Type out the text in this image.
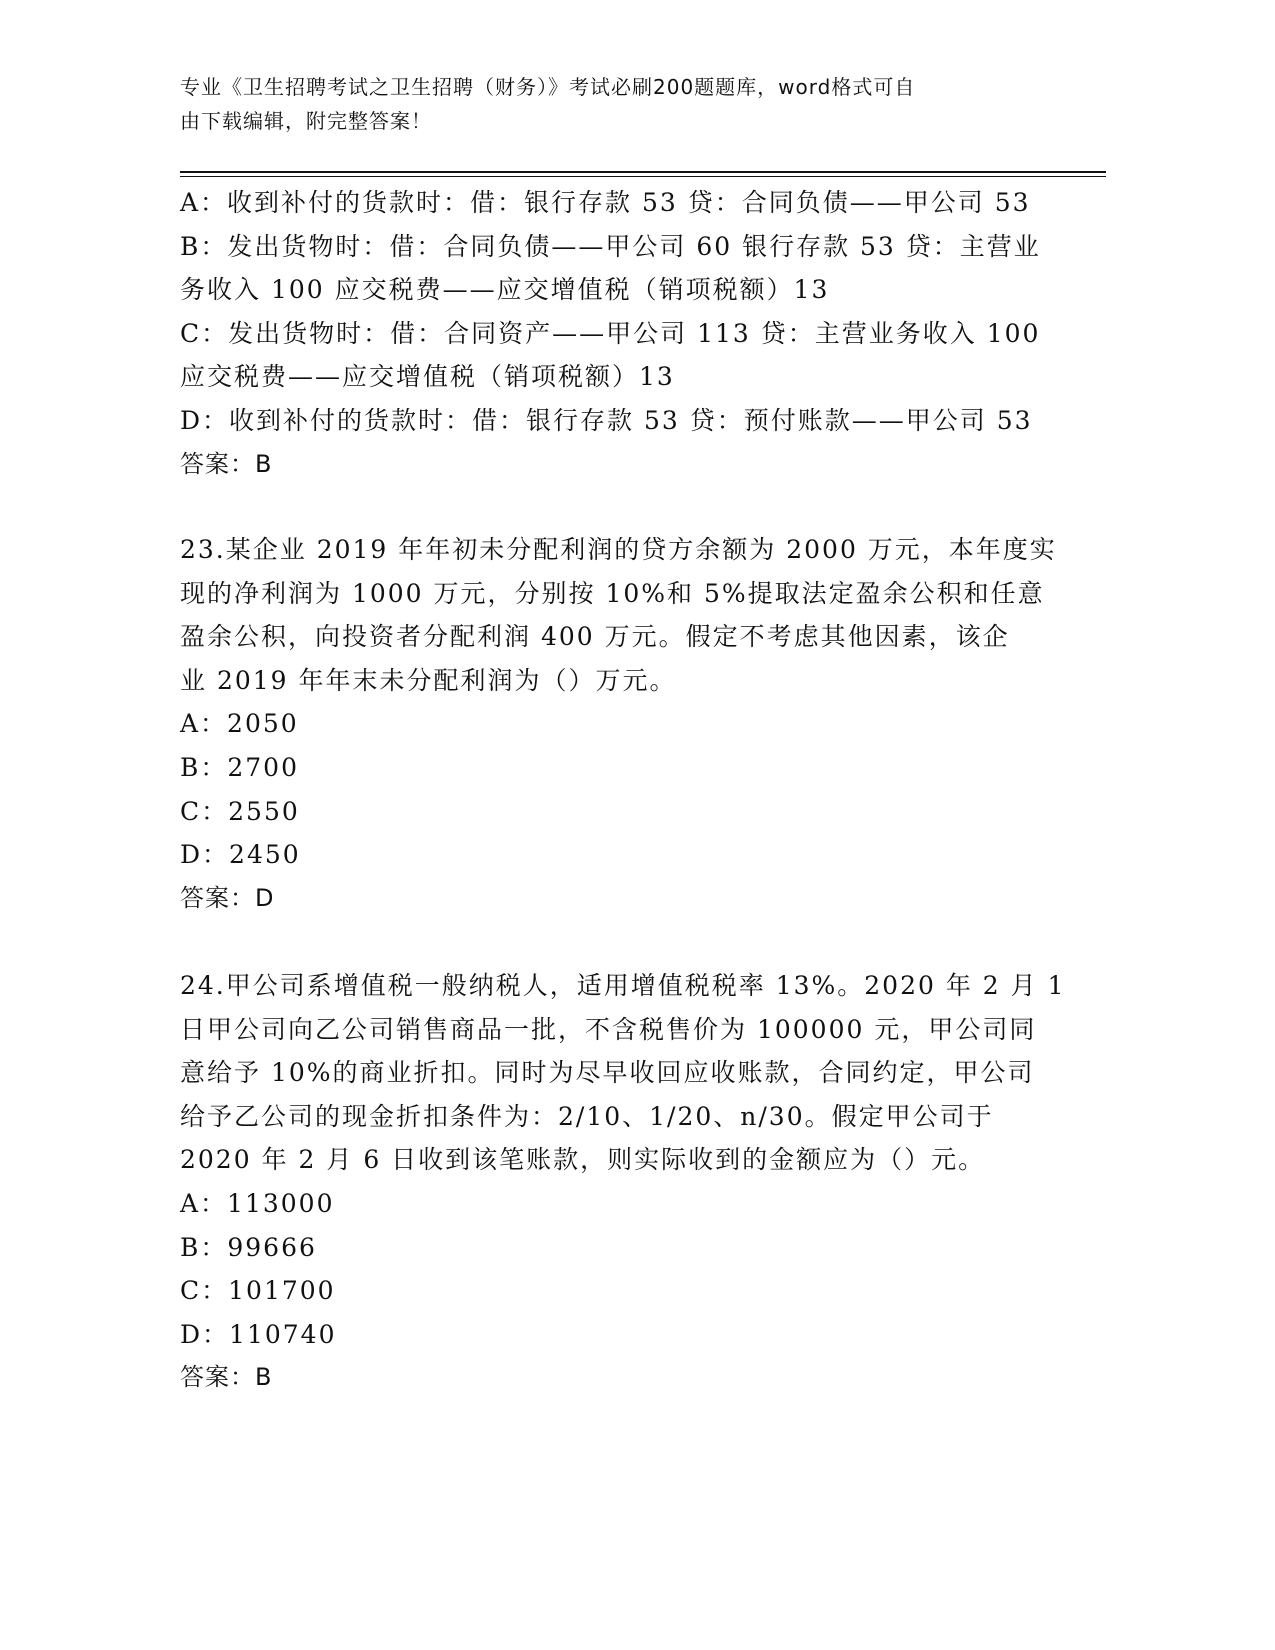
专业《卫生招聘考试之卫生招聘（财务）》考试必刷200题题库，word格式可自
由下载编辑，附完整答案！
A：收到补付的货款时：借：银行存款 53 贷：合同负债——甲公司 53
B：发出货物时：借：合同负债——甲公司 60 银行存款 53 贷：主营业
务收入 100 应交税费——应交增值税（销项税额）13
C：发出货物时：借：合同资产——甲公司 113 贷：主营业务收入 100
应交税费——应交增值税（销项税额）13
D：收到补付的货款时：借：银行存款 53 贷：预付账款——甲公司 53
答案：B
23.某企业 2019 年年初未分配利润的贷方余额为 2000 万元，本年度实
现的净利润为 1000 万元，分别按 10%和 5%提取法定盈余公积和任意
盈余公积，向投资者分配利润 400 万元。假定不考虑其他因素，该企
业 2019 年年末未分配利润为（）万元。
A：2050
B：2700
C：2550
D：2450
答案：D
24.甲公司系增值税一般纳税人，适用增值税税率 13%。2020 年 2 月 1
日甲公司向乙公司销售商品一批，不含税售价为 100000 元，甲公司同
意给予 10%的商业折扣。同时为尽早收回应收账款，合同约定，甲公司
给予乙公司的现金折扣条件为：2/10、1/20、n/30。假定甲公司于
2020 年 2 月 6 日收到该笔账款，则实际收到的金额应为（）元。
A：113000
B：99666
C：101700
D：110740
答案：B
